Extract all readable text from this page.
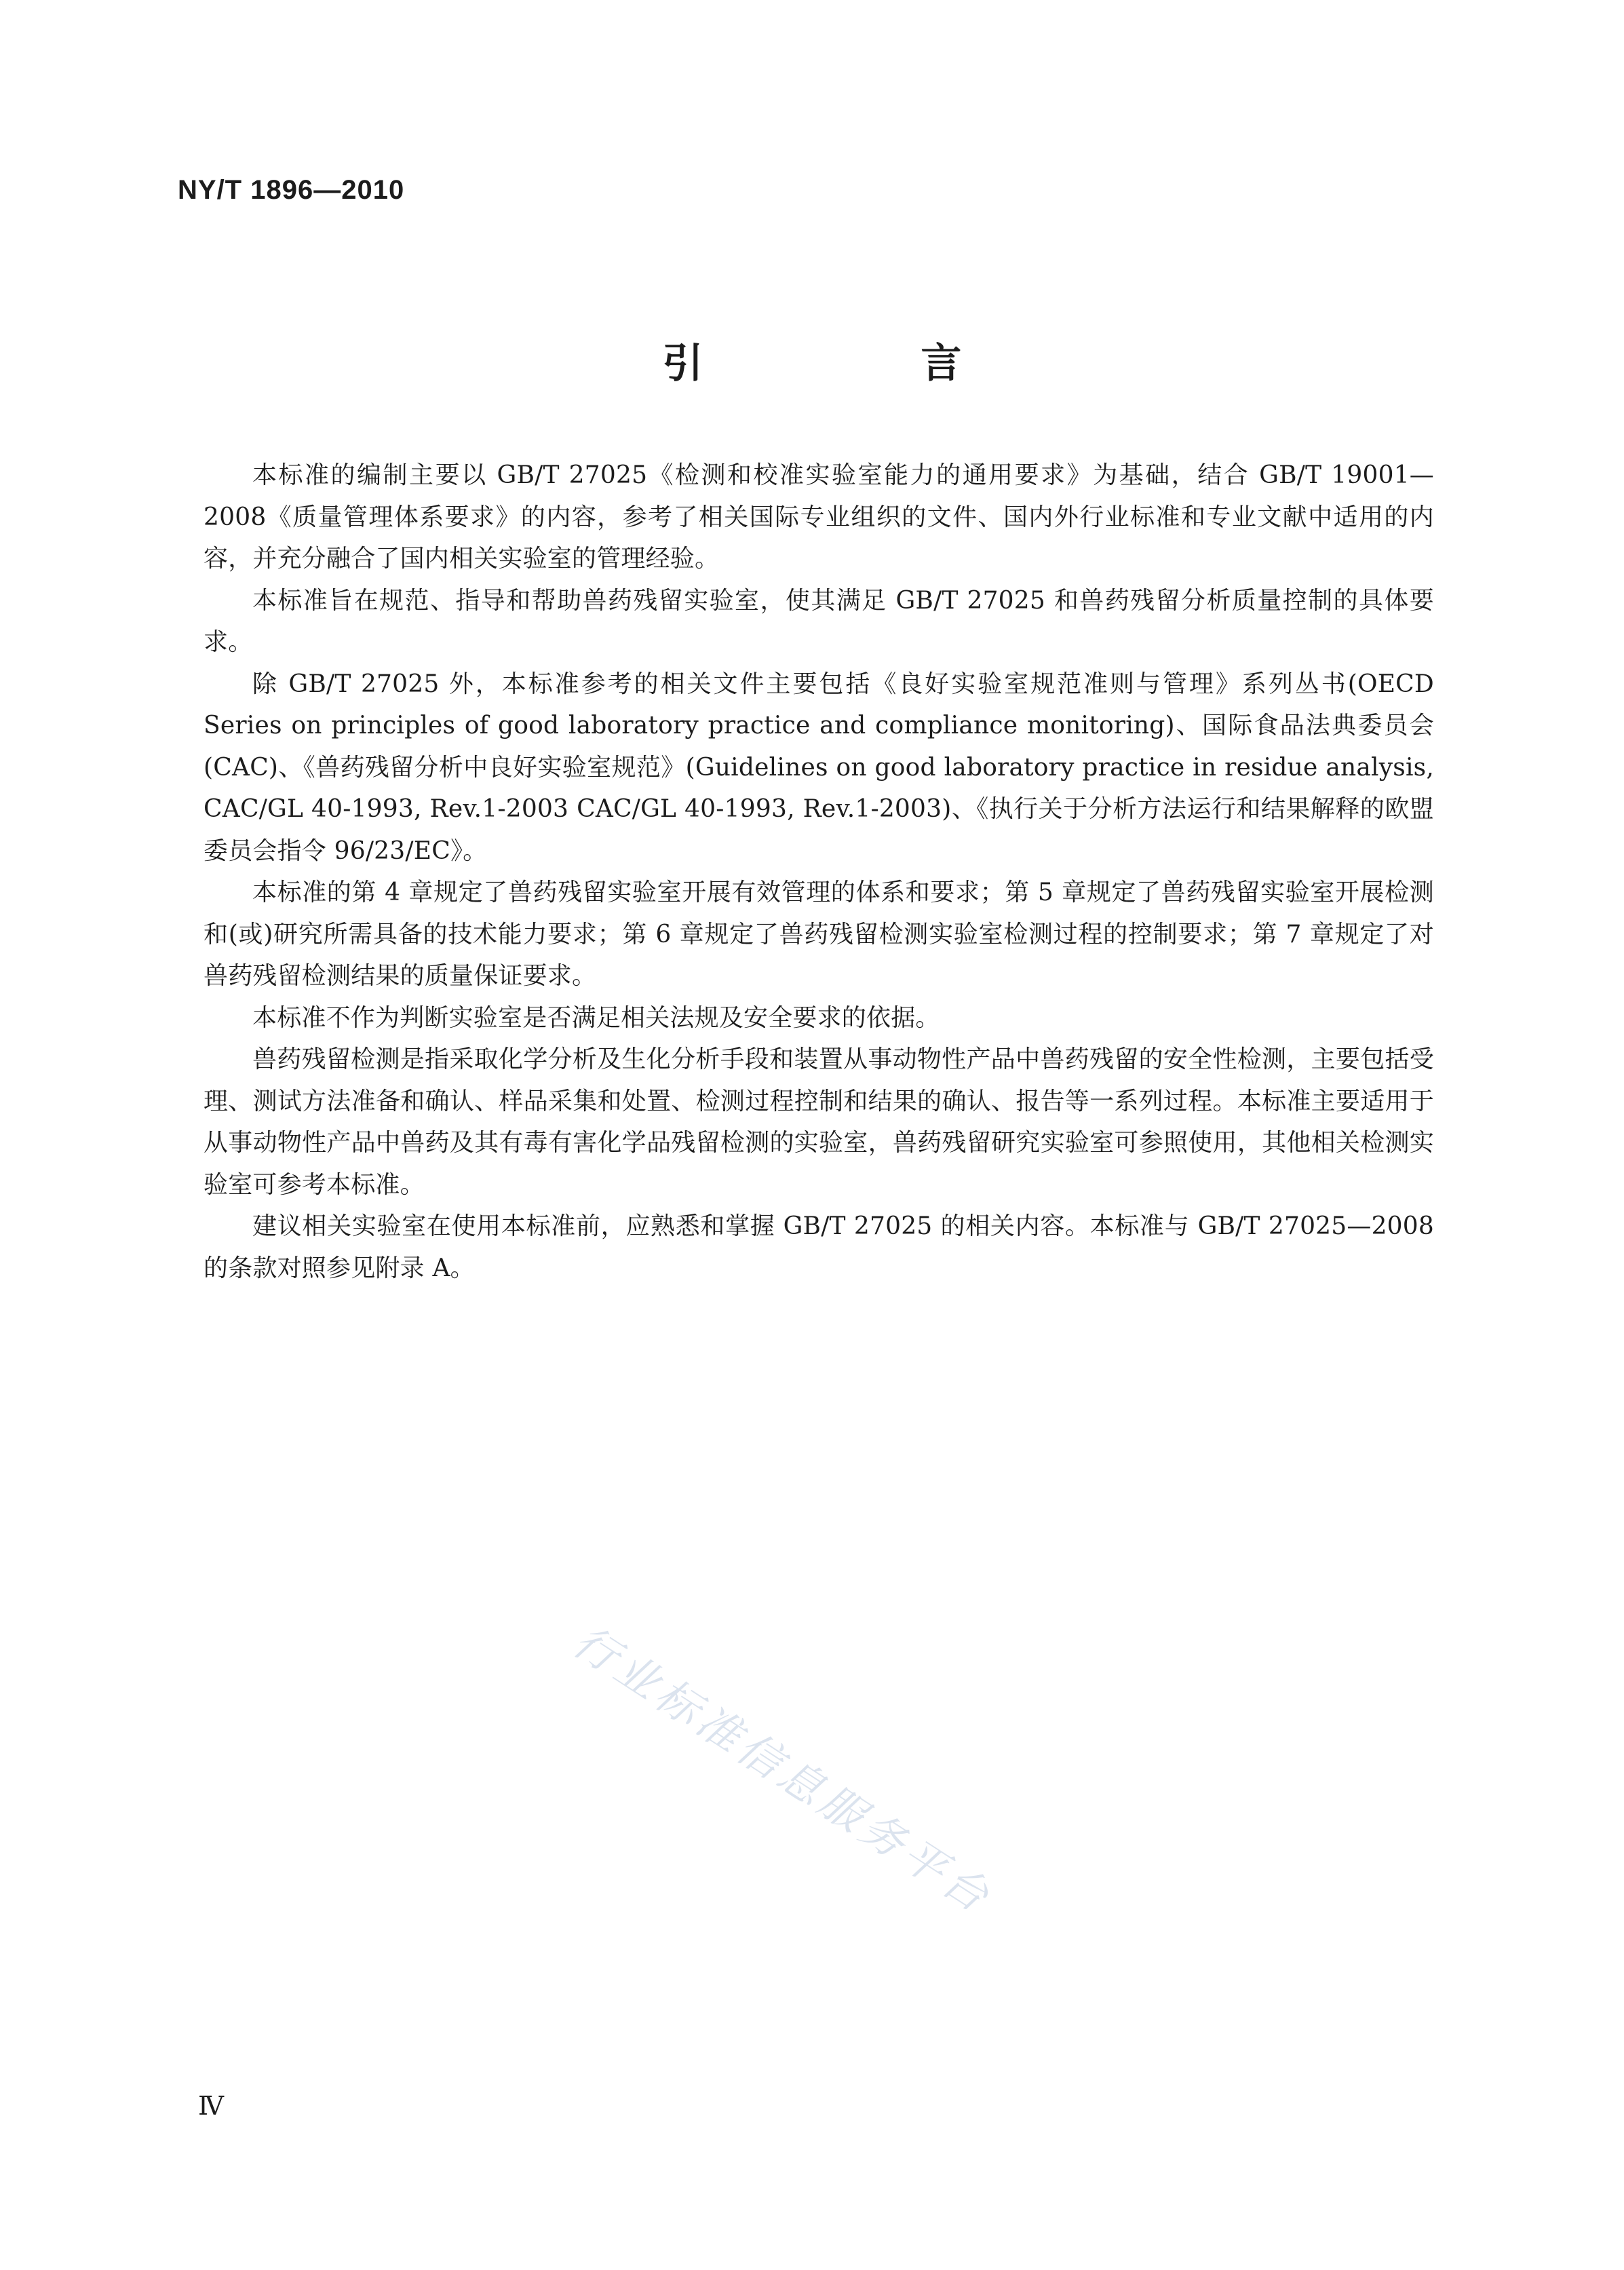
NY/T 1896—2010
引 言

本标准的编制主要以 GB/T 27025《检测和校准实验室能力的通用要求》为基础，结合 GB/T 19001—2008《质量管理体系要求》的内容，参考了相关国际专业组织的文件、国内外行业标准和专业文献中适用的内容，并充分融合了国内相关实验室的管理经验。

本标准旨在规范、指导和帮助兽药残留实验室，使其满足 GB/T 27025 和兽药残留分析质量控制的具体要求。

除 GB/T 27025 外，本标准参考的相关文件主要包括《良好实验室规范准则与管理》系列丛书(OECD Series on principles of good laboratory practice and compliance monitoring)、国际食品法典委员会(CAC)、《兽药残留分析中良好实验室规范》(Guidelines on good laboratory practice in residue analysis, CAC/GL 40-1993, Rev.1-2003 CAC/GL 40-1993, Rev.1-2003)、《执行关于分析方法运行和结果解释的欧盟委员会指令 96/23/EC》。

本标准的第 4 章规定了兽药残留实验室开展有效管理的体系和要求；第 5 章规定了兽药残留实验室开展检测和(或)研究所需具备的技术能力要求；第 6 章规定了兽药残留检测实验室检测过程的控制要求；第 7 章规定了对兽药残留检测结果的质量保证要求。

本标准不作为判断实验室是否满足相关法规及安全要求的依据。

兽药残留检测是指采取化学分析及生化分析手段和装置从事动物性产品中兽药残留的安全性检测，主要包括受理、测试方法准备和确认、样品采集和处置、检测过程控制和结果的确认、报告等一系列过程。本标准主要适用于从事动物性产品中兽药及其有毒有害化学品残留检测的实验室，兽药残留研究实验室可参照使用，其他相关检测实验室可参考本标准。

建议相关实验室在使用本标准前，应熟悉和掌握 GB/T 27025 的相关内容。本标准与 GB/T 27025—2008 的条款对照参见附录 A。

行业标准信息服务平台
Ⅳ
